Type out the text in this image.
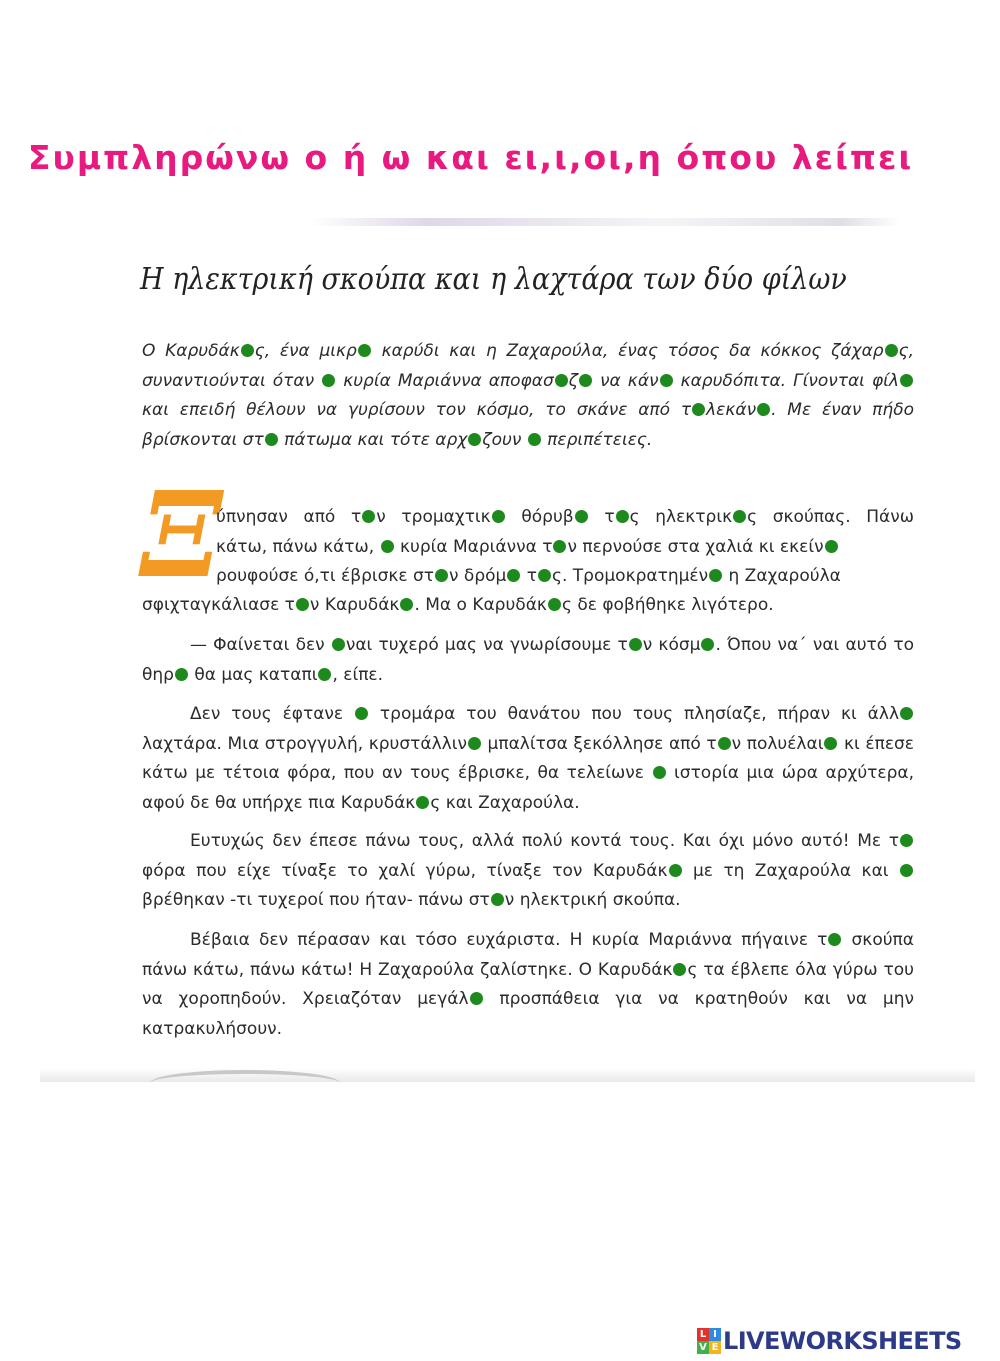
Συμπληρώνω ο ή ω και ει,ι,οι,η όπου λείπει
Η ηλεκτρική σκούπα και η λαχτάρα των δύο φίλων

Ο Καρυδάκ ς, ένα μικρ καρύδι και η Ζαχαρούλα, ένας τόσος δα κόκκος ζάχαρ ς, συναντιούνται όταν  κυρία Μαριάννα αποφασ ζ να κάν καρυδόπιτα. Γίνονται φίλ και επειδή θέλουν να γυρίσουν τον κόσμο, το σκάνε από τ λεκάν . Με έναν πήδο βρίσκονται στ πάτωμα και τότε αρχ ζουν  περιπέτειες.

Ξ

ύπνησαν από τ ν τρομαχτικ θόρυβ τ ς ηλεκτρικ ς σκούπας. Πάνω
κάτω, πάνω κάτω,  κυρία Μαριάννα τ ν περνούσε στα χαλιά κι εκείν
ρουφούσε ό,τι έβρισκε στ ν δρόμ τ ς. Τρομοκρατημέν η Ζαχαρούλα

σφιχταγκάλιασε τ ν Καρυδάκ . Μα ο Καρυδάκ ς δε φοβήθηκε λιγότερο.

— Φαίνεται δεν ναι τυχερό μας να γνωρίσουμε τ ν κόσμ . Όπου να΄ ναι αυτό το θηρ θα μας καταπι , είπε.

Δεν τους έφτανε  τρομάρα του θανάτου που τους πλησίαζε, πήραν κι άλλ λαχτάρα. Μια στρογγυλή, κρυστάλλιν μπαλίτσα ξεκόλλησε από τ ν πολυέλαι κι έπεσε κάτω με τέτοια φόρα, που αν τους έβρισκε, θα τελείωνε  ιστορία μια ώρα αρχύτερα, αφού δε θα υπήρχε πια Καρυδάκ ς και Ζαχαρούλα.

Ευτυχώς δεν έπεσε πάνω τους, αλλά πολύ κοντά τους. Και όχι μόνο αυτό! Με τ φόρα που είχε τίναξε το χαλί γύρω, τίναξε τον Καρυδάκ με τη Ζαχαρούλα και βρέθηκαν -τι τυχεροί που ήταν- πάνω στ ν ηλεκτρική σκούπα.

Βέβαια δεν πέρασαν και τόσο ευχάριστα. Η κυρία Μαριάννα πήγαινε τ σκούπα πάνω κάτω, πάνω κάτω! Η Ζαχαρούλα ζαλίστηκε. Ο Καρυδάκ ς τα έβλεπε όλα γύρω του να χοροπηδούν. Χρειαζόταν μεγάλ προσπάθεια για να κρατηθούν και να μην κατρακυλήσουν.

L I
V E LIVEWORKSHEETS
